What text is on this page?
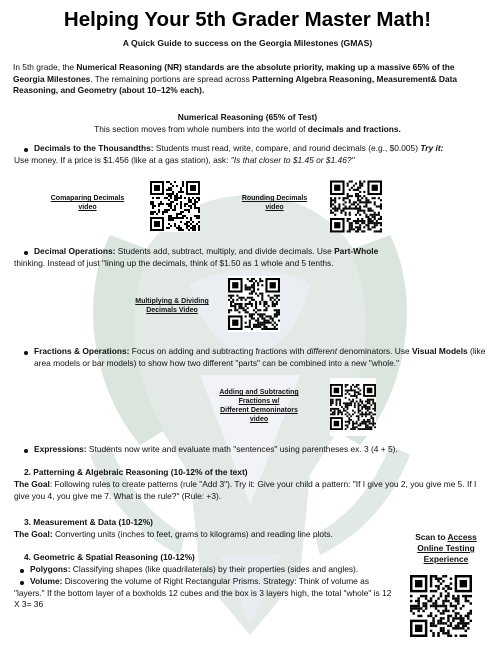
Helping Your 5th Grader Master Math!
A Quick Guide to success on the Georgia Milestones (GMAS)
In 5th grade, the Numerical Reasoning (NR) standards are the absolute priority, making up a massive 65% of the Georgia Milestones. The remaining portions are spread across Patterning Algebra Reasoning, Measurement& Data Reasoning, and Geometry (about 10–12% each).
Numerical Reasoning (65% of Test)
This section moves from whole numbers into the world of decimals and fractions.
Decimals to the Thousandths: Students must read, write, compare, and round decimals (e.g., $0.005) Try it:
Use money. If a price is $1.456 (like at a gas station), ask: "Is that closer to $1.45 or $1.46?"
Comaparing Decimals
video
Rounding Decimals
video
Decimal Operations: Students add, subtract, multiply, and divide decimals. Use Part-Whole
thinking. Instead of just "lining up the decimals, think of $1.50 as 1 whole and 5 tenths.
Multiplying & Dividing
Decimals Video
Fractions & Operations: Focus on adding and subtracting fractions with different denominators. Use Visual Models (like area models or bar models) to show how two different "parts" can be combined into a new "whole."
Adding and Subtracting
Fractions w/
Different Demoninators
video
Expressions: Students now write and evaluate math "sentences" using parentheses ex. 3 (4 + 5).
2. Patterning & Algebraic Reasoning (10-12% of the text)
The Goal: Following rules to create patterns (rule "Add 3"). Try it: Give your child a pattern: "If I give you 2, you give me 5. If I give you 4, you give me 7. What is the rule?" (Rule: +3).
3. Measurement & Data (10-12%)
The Goal: Converting units (inches to feet, grams to kilograms) and reading line plots.
4. Geometric & Spatial Reasoning (10-12%)
Polygons: Classifying shapes (like quadrilaterals) by their properties (sides and angles).
Volume: Discovering the volume of Right Rectangular Prisms. Strategy: Think of volume as "layers." If the bottom layer of a boxholds 12 cubes and the box is 3 layers high, the total "whole" is 12 X 3= 36
Scan to Access
Online Testing
Experience
